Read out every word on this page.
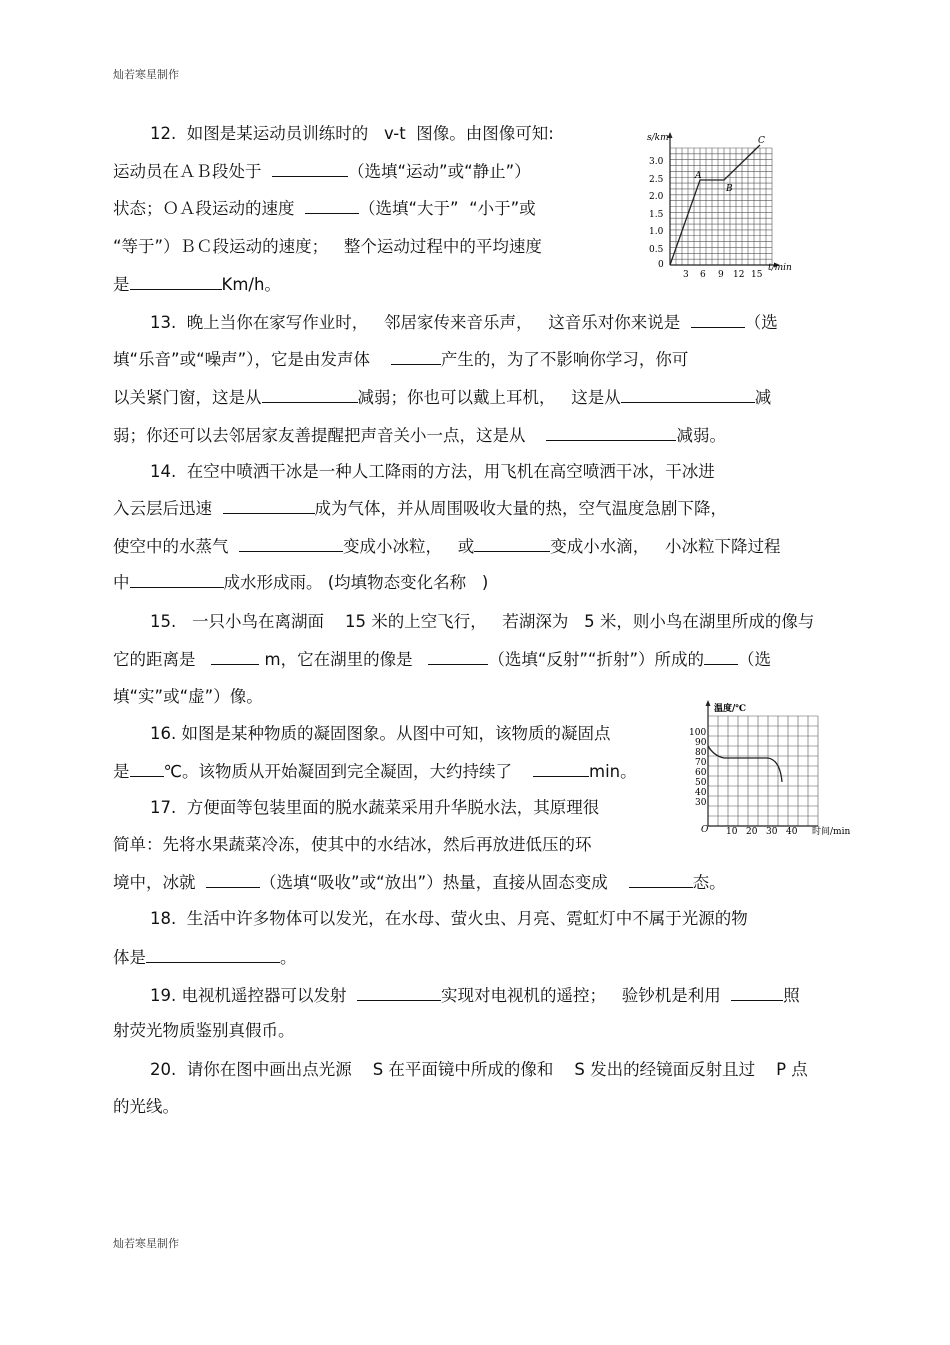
灿若寒星制作
12.  如图是某运动员训练时的   v-t  图像。由图像可知:
运动员在ＡＢ段处于	（选填“运动”或“静止”）
状态；ＯＡ段运动的速度	（选填“大于”  “小于”或
“等于”）ＢＣ段运动的速度；   整个运动过程中的平均速度
是	Km/h。
s/km
0	t/min
0.5
1.0
1.5
2.0
2.5
3.0
3 6 9 12 15
A
B
C
13.  晚上当你在家写作业时，   邻居家传来音乐声，   这音乐对你来说是	（选
填“乐音”或“噪声”），它是由发声体	产生的，为了不影响你学习，你可
以关紧门窗，这是从	减弱；你也可以戴上耳机，   这是从	减
弱；你还可以去邻居家友善提醒把声音关小一点，这是从	减弱。
14.  在空中喷洒干冰是一种人工降雨的方法，用飞机在高空喷洒干冰，干冰进
入云层后迅速	成为气体，并从周围吸收大量的热，空气温度急剧下降，
使空中的水蒸气	变成小冰粒，   或	变成小水滴，   小冰粒下降过程
中	成水形成雨。 (均填物态变化名称   )
15.   一只小鸟在离湖面    15 米的上空飞行，   若湖深为   5 米，则小鸟在湖里所成的像与
它的距离是	m，它在湖里的像是	（选填“反射”“折射”）所成的 （选
填“实”或“虚”）像。
16. 如图是某种物质的凝固图象。从图中可知，该物质的凝固点
是 ℃。该物质从开始凝固到完全凝固，大约持续了	min。
温度/℃
O	时间/min
30
40
50
60
70
80
90
100
10 20 30 40
17.  方便面等包装里面的脱水蔬菜采用升华脱水法，其原理很
简单：先将水果蔬菜冷冻，使其中的水结冰，然后再放进低压的环
境中，冰就	（选填“吸收”或“放出”）热量，直接从固态变成	态。
18.  生活中许多物体可以发光，在水母、萤火虫、月亮、霓虹灯中不属于光源的物
体是	。
19. 电视机遥控器可以发射	实现对电视机的遥控；   验钞机是利用	照
射荧光物质鉴别真假币。
20.  请你在图中画出点光源    S 在平面镜中所成的像和    S 发出的经镜面反射且过    P 点
的光线。
灿若寒星制作
